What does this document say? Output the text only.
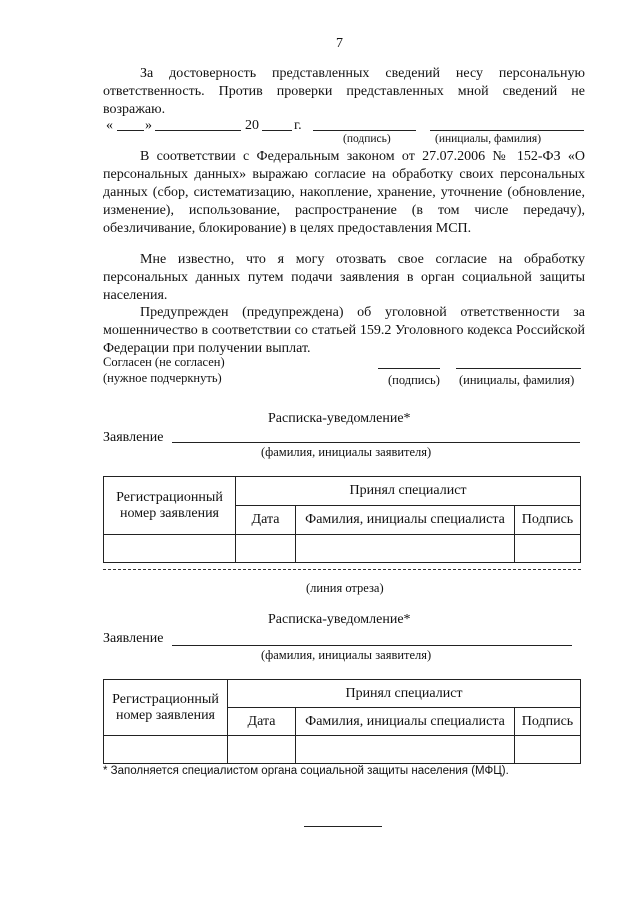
7
За достоверность представленных сведений несу персональную ответственность. Против проверки представленных мной сведений не возражаю.
« »	20	г.
(подпись)	(инициалы, фамилия)
В соответствии с Федеральным законом от 27.07.2006 № 152-ФЗ «О персональных данных» выражаю согласие на обработку своих персональных данных (сбор, систематизацию, накопление, хранение, уточнение (обновление, изменение), использование, распространение (в том числе передачу), обезличивание, блокирование) в целях предоставления МСП.
Мне известно, что я могу отозвать свое согласие на обработку персональных данных путем подачи заявления в орган социальной защиты населения.
Предупрежден (предупреждена) об уголовной ответственности за мошенничество в соответствии со статьей 159.2 Уголовного кодекса Российской Федерации при получении выплат.
Согласен (не согласен)
(нужное подчеркнуть)	(подпись) (инициалы, фамилия)
Расписка-уведомление*
Заявление
(фамилия, инициалы заявителя)
Регистрационный номер заявления	Принял специалист		
	Дата	Фамилия, инициалы специалиста	Подпись

(линия отреза)
Расписка-уведомление*
Заявление
(фамилия, инициалы заявителя)
Регистрационный номер заявления	Принял специалист		
	Дата	Фамилия, инициалы специалиста	Подпись

* Заполняется специалистом органа социальной защиты населения (МФЦ).
